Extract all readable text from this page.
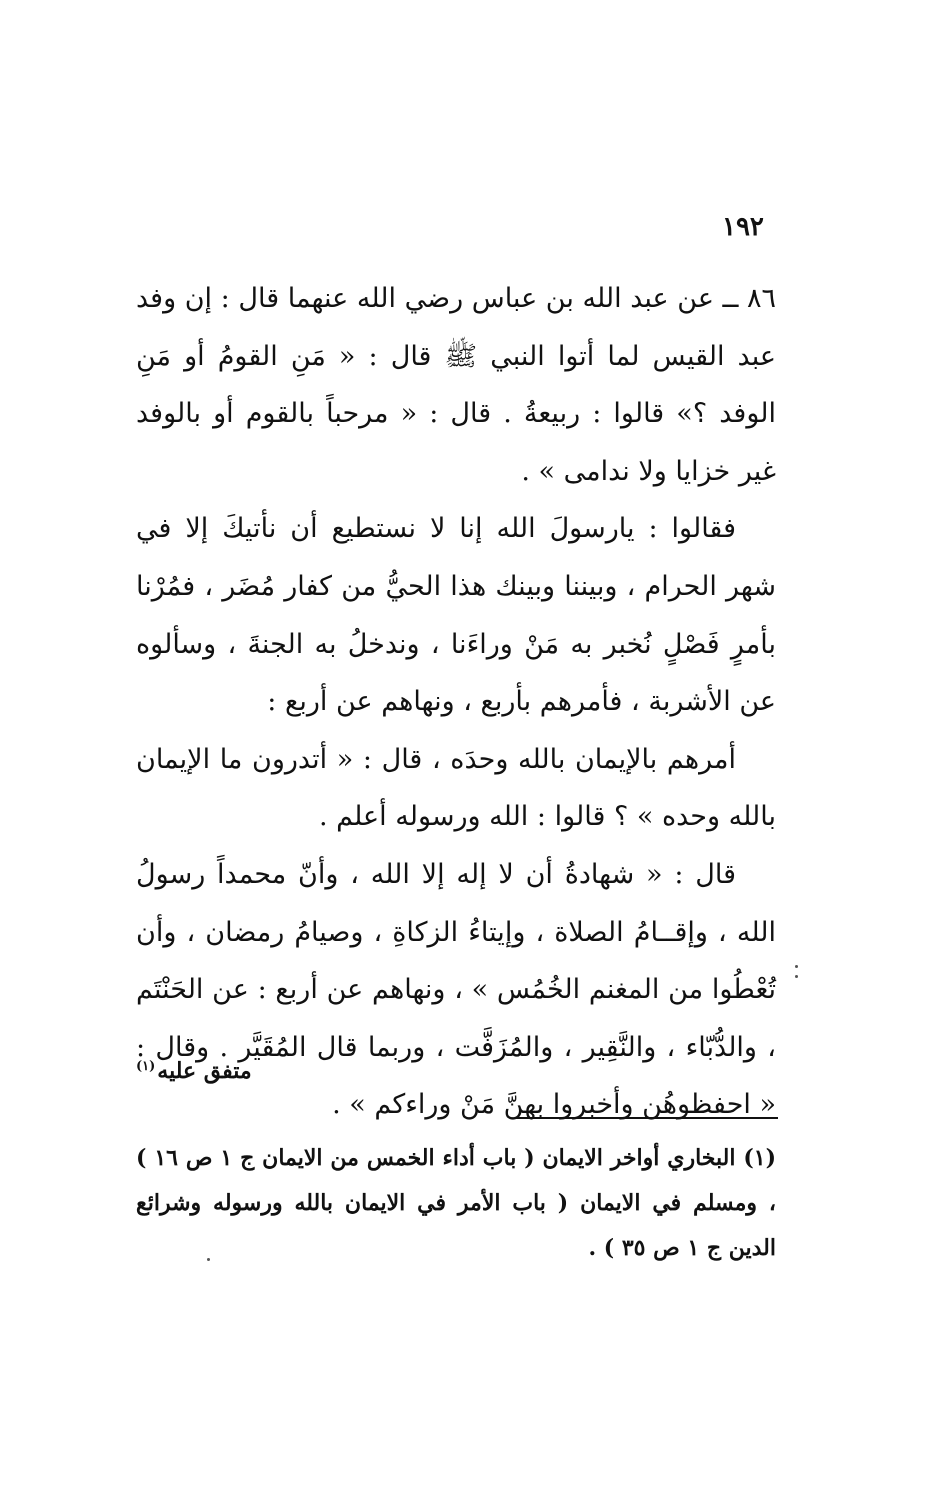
١٩٢

٨٦ ــ عن عبد الله بن عباس رضي الله عنهما قال : إن وفد عبد القيس لما أتوا النبي ﷺ قال : « مَنِ القومُ أو مَنِ الوفد ؟» قالوا : ربيعةُ . قال : « مرحباً بالقوم أو بالوفد غير خزايا ولا ندامى » .

فقالوا : يارسولَ الله إنا لا نستطيع أن نأتيكَ إلا في شهر الحرام ، وبيننا وبينك هذا الحيُّ من كفار مُضَر ، فمُرْنا بأمرٍ فَصْلٍ نُخبر به مَنْ وراءَنا ، وندخلُ به الجنةَ ، وسألوه عن الأشربة ، فأمرهم بأربع ، ونهاهم عن أربع :

أمرهم بالإيمان بالله وحدَه ، قال : « أتدرون ما الإيمان بالله وحده » ؟ قالوا : الله ورسوله أعلم .

قال : « شهادةُ أن لا إله إلا الله ، وأنّ محمداً رسولُ الله ، وإقــامُ الصلاة ، وإيتاءُ الزكاةِ ، وصيامُ رمضان ، وأن تُعْطُوا من المغنم الخُمُس » ، ونهاهم عن أربع : عن الحَنْتَم ، والدُّبّاء ، والنَّقِير ، والمُزَفَّت ، وربما قال المُقَيَّر . وقال : « احفظوهُن وأخبروا بهنَّ مَنْ وراءكم » .

متفق عليه$^{(١)}$

(١) البخاري أواخر الايمان ( باب أداء الخمس من الايمان ج ١ ص ١٦ ) ، ومسلم في الايمان ( باب الأمر في الايمان بالله ورسوله وشرائع الدين ج ١ ص ٣٥ ) .
